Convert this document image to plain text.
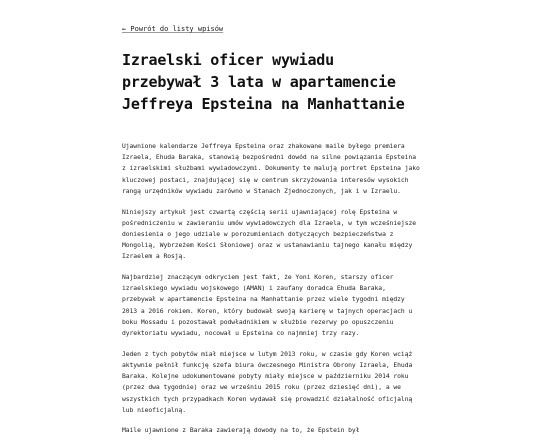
← Powrót do listy wpisów
Izraelski oficer wywiadu przebywał 3 lata w apartamencie Jeffreya Epsteina na Manhattanie

Ujawnione kalendarze Jeffreya Epsteina oraz zhakowane maile byłego premiera Izraela, Ehuda Baraka, stanowią bezpośredni dowód na silne powiązania Epsteina z izraelskimi służbami wywiadowczymi. Dokumenty te malują portret Epsteina jako kluczowej postaci, znajdującej się w centrum skrzyżowania interesów wysokich rangą urzędników wywiadu zarówno w Stanach Zjednoczonych, jak i w Izraelu.

Niniejszy artykuł jest czwartą częścią serii ujawniającej rolę Epsteina w pośredniczeniu w zawieraniu umów wywiadowczych dla Izraela, w tym wcześniejsze doniesienia o jego udziale w porozumieniach dotyczących bezpieczeństwa z Mongolią, Wybrzeżem Kości Słoniowej oraz w ustanawianiu tajnego kanału między Izraelem a Rosją.

Najbardziej znaczącym odkryciem jest fakt, że Yoni Koren, starszy oficer izraelskiego wywiadu wojskowego (AMAN) i zaufany doradca Ehuda Baraka, przebywał w apartamencie Epsteina na Manhattanie przez wiele tygodni między 2013 a 2016 rokiem. Koren, który budował swoją karierę w tajnych operacjach u boku Mossadu i pozostawał podwładnikiem w służbie rezerwy po opuszczeniu dyrektoriatu wywiadu, nocował u Epsteina co najmniej trzy razy.

Jeden z tych pobytów miał miejsce w lutym 2013 roku, w czasie gdy Koren wciąż aktywnie pełnił funkcję szefa biura ówczesnego Ministra Obrony Izraela, Ehuda Baraka. Kolejne udokumentowane pobyty miały miejsce w październiku 2014 roku (przez dwa tygodnie) oraz we wrześniu 2015 roku (przez dziesięć dni), a we wszystkich tych przypadkach Koren wydawał się prowadzić działalność oficjalną lub nieoficjalną.

Maile ujawnione z Baraka zawierają dowody na to, że Epstein był
